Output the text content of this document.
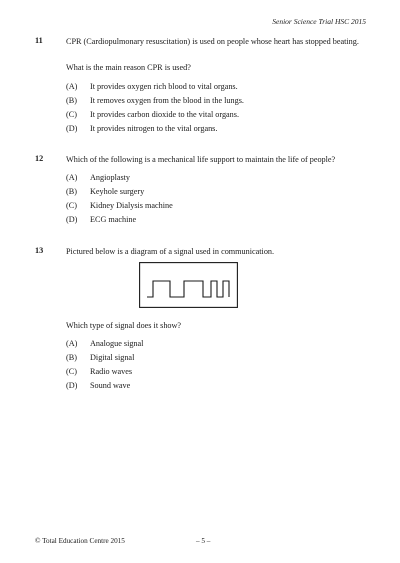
Senior Science Trial HSC 2015
11	CPR (Cardiopulmonary resuscitation) is used on people whose heart has stopped beating.
What is the main reason CPR is used?
(A) It provides oxygen rich blood to vital organs.
(B) It removes oxygen from the blood in the lungs.
(C) It provides carbon dioxide to the vital organs.
(D) It provides nitrogen to the vital organs.
12	Which of the following is a mechanical life support to maintain the life of people?
(A) Angioplasty
(B) Keyhole surgery
(C) Kidney Dialysis machine
(D) ECG machine
13	Pictured below is a diagram of a signal used in communication.
Which type of signal does it show?
(A) Analogue signal
(B) Digital signal
(C) Radio waves
(D) Sound wave
© Total Education Centre 2015	– 5 –
